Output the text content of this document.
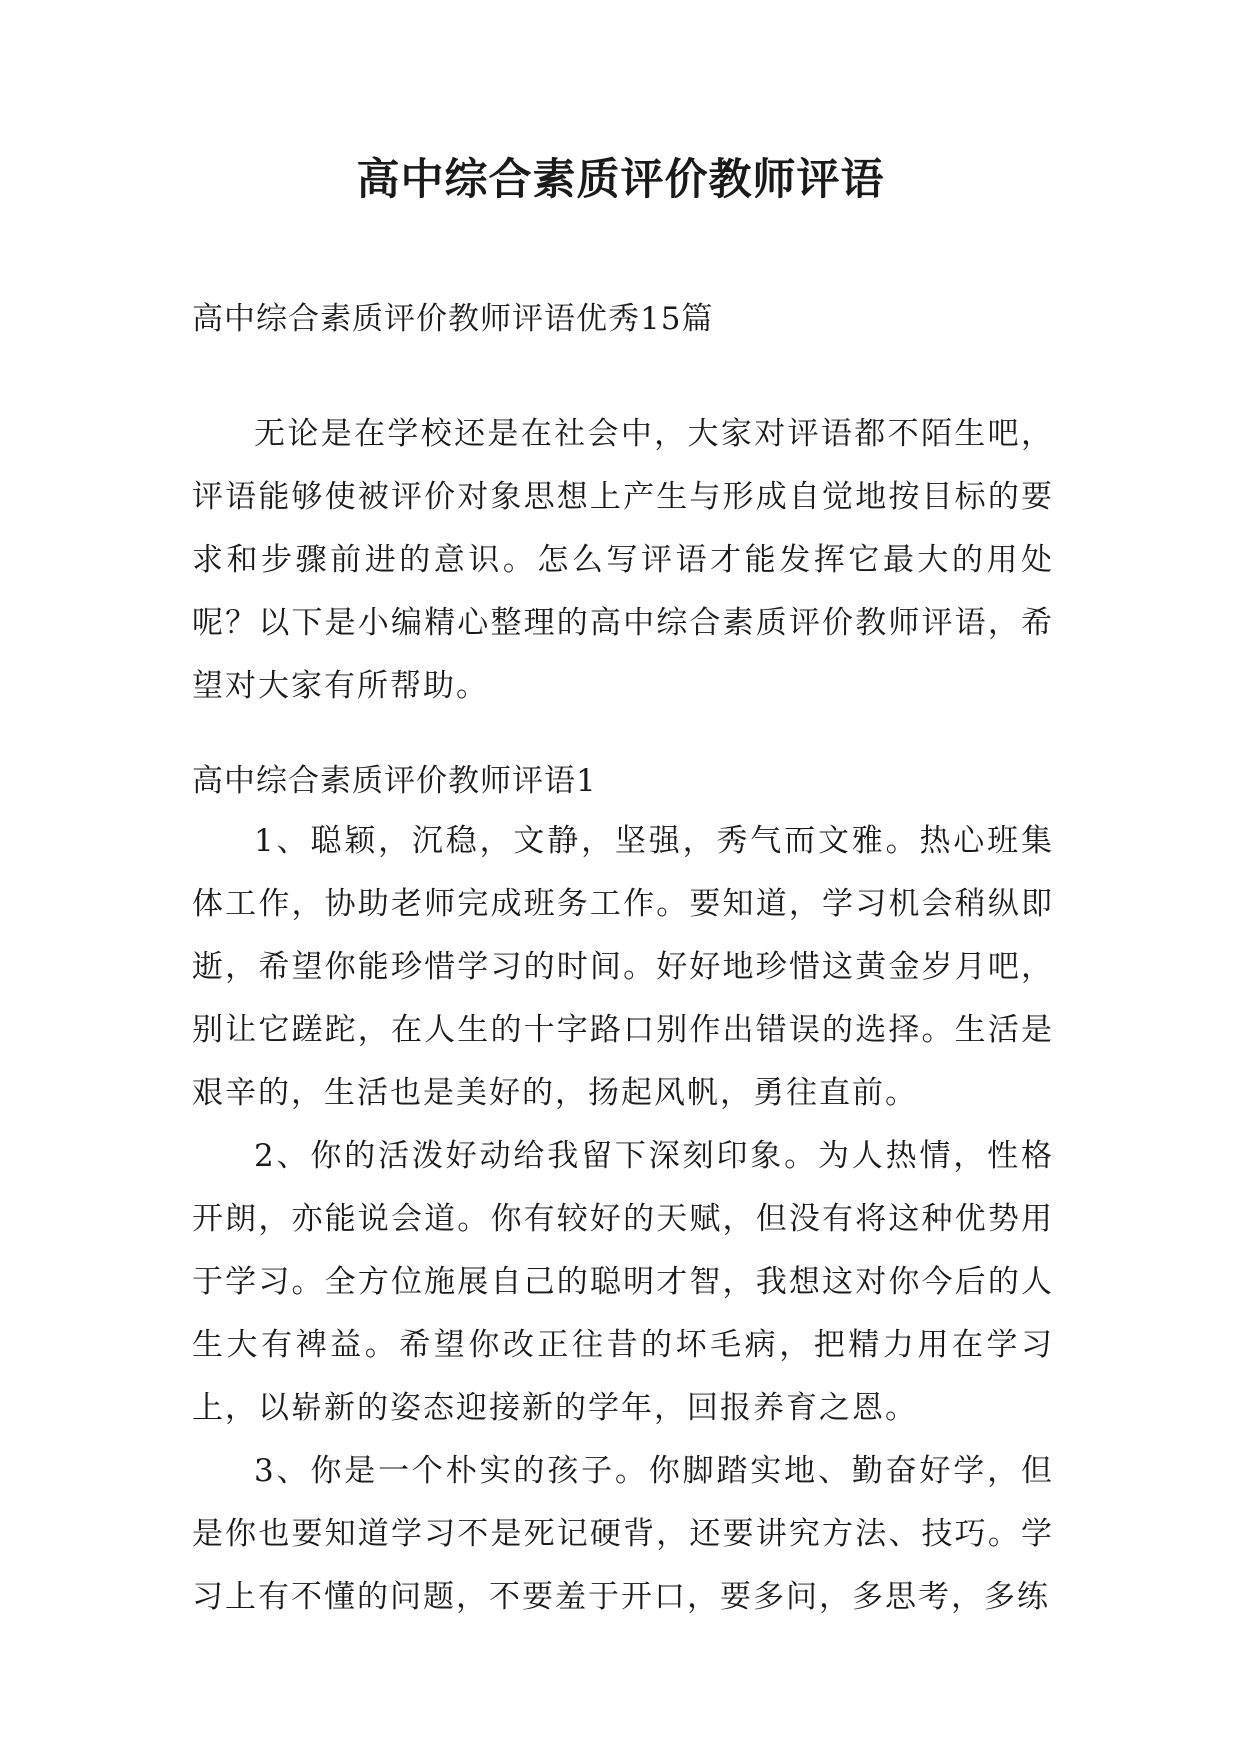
高中综合素质评价教师评语
高中综合素质评价教师评语优秀15篇

无论是在学校还是在社会中，大家对评语都不陌生吧，评语能够使被评价对象思想上产生与形成自觉地按目标的要求和步骤前进的意识。怎么写评语才能发挥它最大的用处呢？以下是小编精心整理的高中综合素质评价教师评语，希望对大家有所帮助。

高中综合素质评价教师评语1

1、聪颖，沉稳，文静，坚强，秀气而文雅。热心班集体工作，协助老师完成班务工作。要知道，学习机会稍纵即逝，希望你能珍惜学习的时间。好好地珍惜这黄金岁月吧，别让它蹉跎，在人生的十字路口别作出错误的选择。生活是艰辛的，生活也是美好的，扬起风帆，勇往直前。

2、你的活泼好动给我留下深刻印象。为人热情，性格开朗，亦能说会道。你有较好的天赋，但没有将这种优势用于学习。全方位施展自己的聪明才智，我想这对你今后的人生大有裨益。希望你改正往昔的坏毛病，把精力用在学习上，以崭新的姿态迎接新的学年，回报养育之恩。

3、你是一个朴实的孩子。你脚踏实地、勤奋好学，但是你也要知道学习不是死记硬背，还要讲究方法、技巧。学习上有不懂的问题，不要羞于开口，要多问，多思考，多练
